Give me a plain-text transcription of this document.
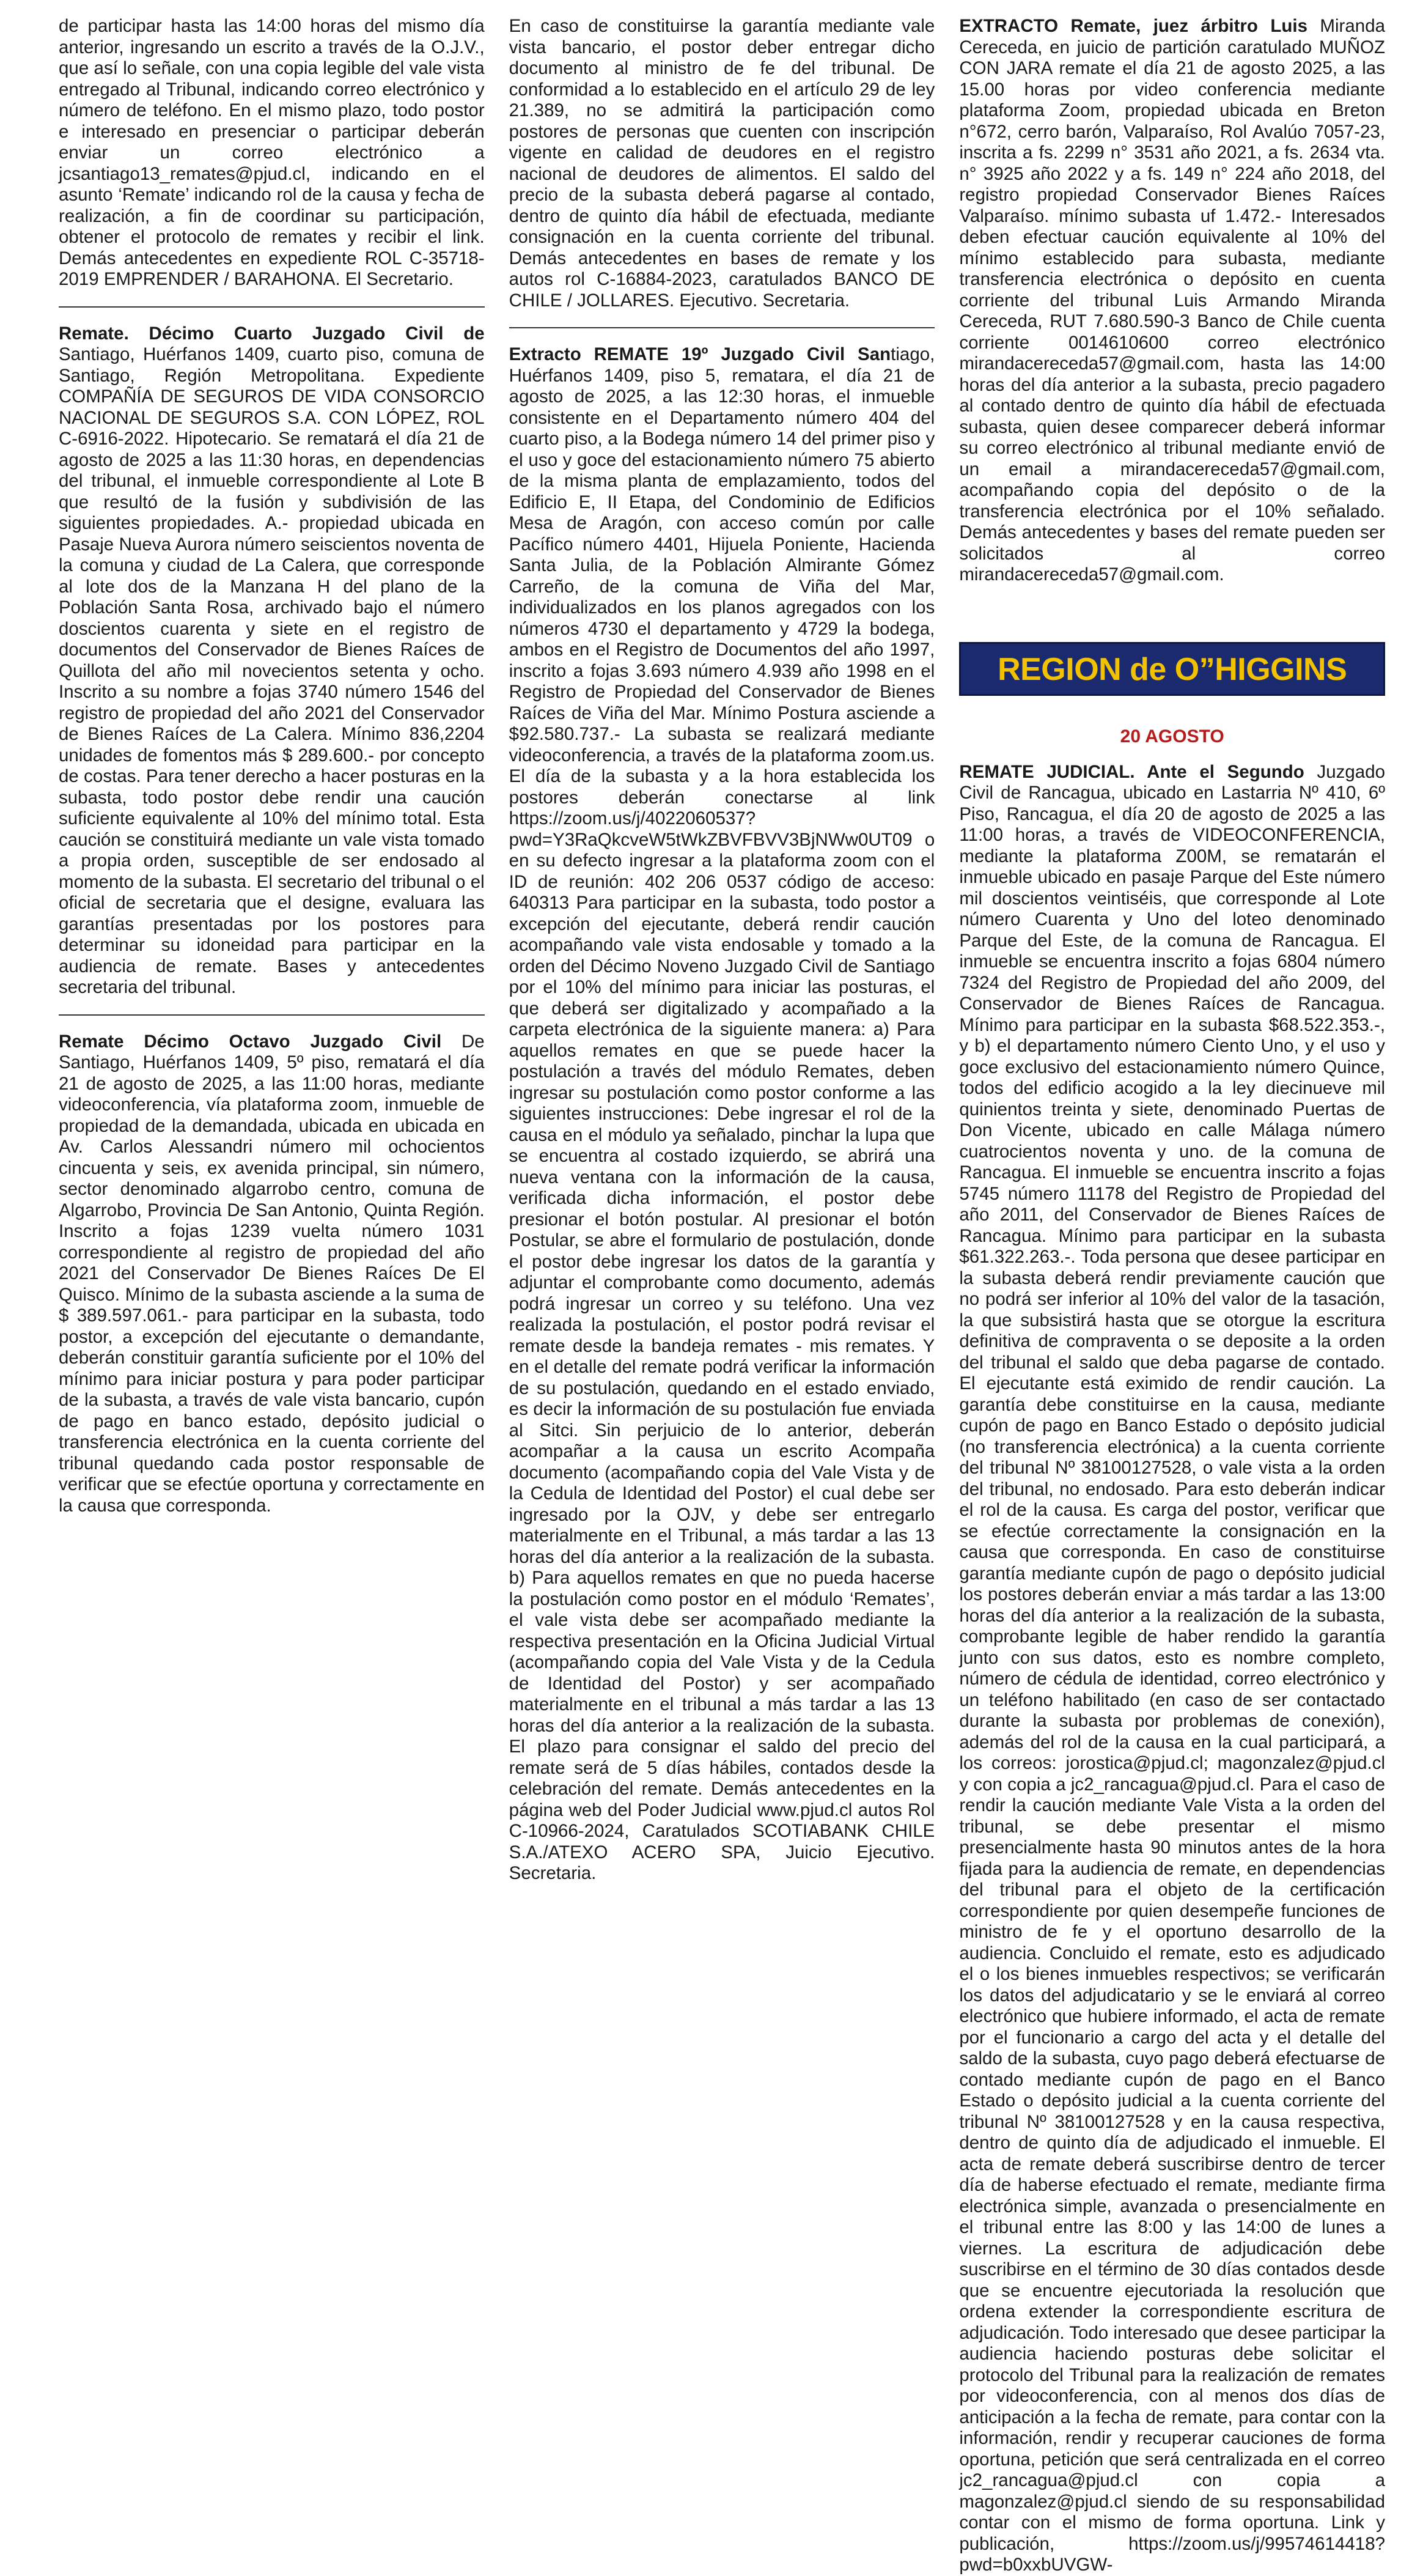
de participar hasta las 14:00 horas del mismo día anterior, ingresando un escrito a través de la O.J.V., que así lo señale, con una copia legible del vale vista entregado al Tribunal, indicando correo electrónico y número de teléfono. En el mismo plazo, todo postor e interesado en presenciar o participar deberán enviar un correo electrónico a jcsantiago13_remates@pjud.cl, indicando en el asunto ‘Remate’ indicando rol de la causa y fecha de realización, a fin de coordinar su participación, obtener el protocolo de remates y recibir el link. Demás antecedentes en expediente ROL C-35718-2019 EMPRENDER / BARAHONA. El Secretario.

Remate. Décimo Cuarto Juzgado Civil de Santiago, Huérfanos 1409, cuarto piso, comuna de Santiago, Región Metropolitana. Expediente COMPAÑÍA DE SEGUROS DE VIDA CONSORCIO NACIONAL DE SEGUROS S.A. CON LÓPEZ, ROL C-6916-2022. Hipotecario. Se rematará el día 21 de agosto de 2025 a las 11:30 horas, en dependencias del tribunal, el inmueble correspondiente al Lote B que resultó de la fusión y subdivisión de las siguientes propiedades. A.- propiedad ubicada en Pasaje Nueva Aurora número seiscientos noventa de la comuna y ciudad de La Calera, que corresponde al lote dos de la Manzana H del plano de la Población Santa Rosa, archivado bajo el número doscientos cuarenta y siete en el registro de documentos del Conservador de Bienes Raíces de Quillota del año mil novecientos setenta y ocho. Inscrito a su nombre a fojas 3740 número 1546 del registro de propiedad del año 2021 del Conservador de Bienes Raíces de La Calera. Mínimo 836,2204 unidades de fomentos más $ 289.600.- por concepto de costas. Para tener derecho a hacer posturas en la subasta, todo postor debe rendir una caución suficiente equivalente al 10% del mínimo total. Esta caución se constituirá mediante un vale vista tomado a propia orden, susceptible de ser endosado al momento de la subasta. El secretario del tribunal o el oficial de secretaria que el designe, evaluara las garantías presentadas por los postores para determinar su idoneidad para participar en la audiencia de remate. Bases y antecedentes secretaria del tribunal.

Remate Décimo Octavo Juzgado Civil De Santiago, Huérfanos 1409, 5º piso, rematará el día 21 de agosto de 2025, a las 11:00 horas, mediante videoconferencia, vía plataforma zoom, inmueble de propiedad de la demandada, ubicada en ubicada en Av. Carlos Alessandri número mil ochocientos cincuenta y seis, ex avenida principal, sin número, sector denominado algarrobo centro, comuna de Algarrobo, Provincia De San Antonio, Quinta Región. Inscrito a fojas 1239 vuelta número 1031 correspondiente al registro de propiedad del año 2021 del Conservador De Bienes Raíces De El Quisco. Mínimo de la subasta asciende a la suma de $ 389.597.061.- para participar en la subasta, todo postor, a excepción del ejecutante o demandante, deberán constituir garantía suficiente por el 10% del mínimo para iniciar postura y para poder participar de la subasta, a través de vale vista bancario, cupón de pago en banco estado, depósito judicial o transferencia electrónica en la cuenta corriente del tribunal quedando cada postor responsable de verificar que se efectúe oportuna y correctamente en la causa que corresponda.

En caso de constituirse la garantía mediante vale vista bancario, el postor deber entregar dicho documento al ministro de fe del tribunal. De conformidad a lo establecido en el artículo 29 de ley 21.389, no se admitirá la participación como postores de personas que cuenten con inscripción vigente en calidad de deudores en el registro nacional de deudores de alimentos. El saldo del precio de la subasta deberá pagarse al contado, dentro de quinto día hábil de efectuada, mediante consignación en la cuenta corriente del tribunal. Demás antecedentes en bases de remate y los autos rol C-16884-2023, caratulados BANCO DE CHILE / JOLLARES. Ejecutivo. Secretaria.

Extracto REMATE 19º Juzgado Civil Santiago, Huérfanos 1409, piso 5, rematara, el día 21 de agosto de 2025, a las 12:30 horas, el inmueble consistente en el Departamento número 404 del cuarto piso, a la Bodega número 14 del primer piso y el uso y goce del estacionamiento número 75 abierto de la misma planta de emplazamiento, todos del Edificio E, II Etapa, del Condominio de Edificios Mesa de Aragón, con acceso común por calle Pacífico número 4401, Hijuela Poniente, Hacienda Santa Julia, de la Población Almirante Gómez Carreño, de la comuna de Viña del Mar, individualizados en los planos agregados con los números 4730 el departamento y 4729 la bodega, ambos en el Registro de Documentos del año 1997, inscrito a fojas 3.693 número 4.939 año 1998 en el Registro de Propiedad del Conservador de Bienes Raíces de Viña del Mar. Mínimo Postura asciende a $92.580.737.- La subasta se realizará mediante videoconferencia, a través de la plataforma zoom.us. El día de la subasta y a la hora establecida los postores deberán conectarse al link https://zoom.us/j/4022060537?pwd=Y3RaQkcveW5tWkZBVFBVV3BjNWw0UT09 o en su defecto ingresar a la plataforma zoom con el ID de reunión: 402 206 0537 código de acceso: 640313 Para participar en la subasta, todo postor a excepción del ejecutante, deberá rendir caución acompañando vale vista endosable y tomado a la orden del Décimo Noveno Juzgado Civil de Santiago por el 10% del mínimo para iniciar las posturas, el que deberá ser digitalizado y acompañado a la carpeta electrónica de la siguiente manera: a) Para aquellos remates en que se puede hacer la postulación a través del módulo Remates, deben ingresar su postulación como postor conforme a las siguientes instrucciones: Debe ingresar el rol de la causa en el módulo ya señalado, pinchar la lupa que se encuentra al costado izquierdo, se abrirá una nueva ventana con la información de la causa, verificada dicha información, el postor debe presionar el botón postular. Al presionar el botón Postular, se abre el formulario de postulación, donde el postor debe ingresar los datos de la garantía y adjuntar el comprobante como documento, además podrá ingresar un correo y su teléfono. Una vez realizada la postulación, el postor podrá revisar el remate desde la bandeja remates - mis remates. Y en el detalle del remate podrá verificar la información de su postulación, quedando en el estado enviado, es decir la información de su postulación fue enviada al Sitci. Sin perjuicio de lo anterior, deberán acompañar a la causa un escrito Acompaña documento (acompañando copia del Vale Vista y de la Cedula de Identidad del Postor) el cual debe ser ingresado por la OJV, y debe ser entregarlo materialmente en el Tribunal, a más tardar a las 13 horas del día anterior a la realización de la subasta. b) Para aquellos remates en que no pueda hacerse la postulación como postor en el módulo ‘Remates’, el vale vista debe ser acompañado mediante la respectiva presentación en la Oficina Judicial Virtual (acompañando copia del Vale Vista y de la Cedula de Identidad del Postor) y ser acompañado materialmente en el tribunal a más tardar a las 13 horas del día anterior a la realización de la subasta. El plazo para consignar el saldo del precio del remate será de 5 días hábiles, contados desde la celebración del remate. Demás antecedentes en la página web del Poder Judicial www.pjud.cl autos Rol C-10966-2024, Caratulados SCOTIABANK CHILE S.A./ATEXO ACERO SPA, Juicio Ejecutivo. Secretaria.

EXTRACTO Remate, juez árbitro Luis Miranda Cereceda, en juicio de partición caratulado MUÑOZ CON JARA remate el día 21 de agosto 2025, a las 15.00 horas por video conferencia mediante plataforma Zoom, propiedad ubicada en Breton n°672, cerro barón, Valparaíso, Rol Avalúo 7057-23, inscrita a fs. 2299 n° 3531 año 2021, a fs. 2634 vta. n° 3925 año 2022 y a fs. 149 n° 224 año 2018, del registro propiedad Conservador Bienes Raíces Valparaíso. mínimo subasta uf 1.472.- Interesados deben efectuar caución equivalente al 10% del mínimo establecido para subasta, mediante transferencia electrónica o depósito en cuenta corriente del tribunal Luis Armando Miranda Cereceda, RUT 7.680.590-3 Banco de Chile cuenta corriente 0014610600 correo electrónico mirandacereceda57@gmail.com, hasta las 14:00 horas del día anterior a la subasta, precio pagadero al contado dentro de quinto día hábil de efectuada subasta, quien desee comparecer deberá informar su correo electrónico al tribunal mediante envió de un email a mirandacereceda57@gmail.com, acompañando copia del depósito o de la transferencia electrónica por el 10% señalado. Demás antecedentes y bases del remate pueden ser solicitados al correo mirandacereceda57@gmail.com.

REGION de O”HIGGINS
20 AGOSTO

REMATE JUDICIAL. Ante el Segundo Juzgado Civil de Rancagua, ubicado en Lastarria Nº 410, 6º Piso, Rancagua, el día 20 de agosto de 2025 a las 11:00 horas, a través de VIDEOCONFERENCIA, mediante la plataforma Z00M, se rematarán el inmueble ubicado en pasaje Parque del Este número mil doscientos veintiséis, que corresponde al Lote número Cuarenta y Uno del loteo denominado Parque del Este, de la comuna de Rancagua. El inmueble se encuentra inscrito a fojas 6804 número 7324 del Registro de Propiedad del año 2009, del Conservador de Bienes Raíces de Rancagua. Mínimo para participar en la subasta $68.522.353.-, y b) el departamento número Ciento Uno, y el uso y goce exclusivo del estacionamiento número Quince, todos del edificio acogido a la ley diecinueve mil quinientos treinta y siete, denominado Puertas de Don Vicente, ubicado en calle Málaga número cuatrocientos noventa y uno. de la comuna de Rancagua. El inmueble se encuentra inscrito a fojas 5745 número 11178 del Registro de Propiedad del año 2011, del Conservador de Bienes Raíces de Rancagua. Mínimo para participar en la subasta $61.322.263.-. Toda persona que desee participar en la subasta deberá rendir previamente caución que no podrá ser inferior al 10% del valor de la tasación, la que subsistirá hasta que se otorgue la escritura definitiva de compraventa o se deposite a la orden del tribunal el saldo que deba pagarse de contado. El ejecutante está eximido de rendir caución. La garantía debe constituirse en la causa, mediante cupón de pago en Banco Estado o depósito judicial (no transferencia electrónica) a la cuenta corriente del tribunal Nº 38100127528, o vale vista a la orden del tribunal, no endosado. Para esto deberán indicar el rol de la causa. Es carga del postor, verificar que se efectúe correctamente la consignación en la causa que corresponda. En caso de constituirse garantía mediante cupón de pago o depósito judicial los postores deberán enviar a más tardar a las 13:00 horas del día anterior a la realización de la subasta, comprobante legible de haber rendido la garantía junto con sus datos, esto es nombre completo, número de cédula de identidad, correo electrónico y un teléfono habilitado (en caso de ser contactado durante la subasta por problemas de conexión), además del rol de la causa en la cual participará, a los correos: jorostica@pjud.cl; magonzalez@pjud.cl y con copia a jc2_rancagua@pjud.cl. Para el caso de rendir la caución mediante Vale Vista a la orden del tribunal, se debe presentar el mismo presencialmente hasta 90 minutos antes de la hora fijada para la audiencia de remate, en dependencias del tribunal para el objeto de la certificación correspondiente por quien desempeñe funciones de ministro de fe y el oportuno desarrollo de la audiencia. Concluido el remate, esto es adjudicado el o los bienes inmuebles respectivos; se verificarán los datos del adjudicatario y se le enviará al correo electrónico que hubiere informado, el acta de remate por el funcionario a cargo del acta y el detalle del saldo de la subasta, cuyo pago deberá efectuarse de contado mediante cupón de pago en el Banco Estado o depósito judicial a la cuenta corriente del tribunal Nº 38100127528 y en la causa respectiva, dentro de quinto día de adjudicado el inmueble. El acta de remate deberá suscribirse dentro de tercer día de haberse efectuado el remate, mediante firma electrónica simple, avanzada o presencialmente en el tribunal entre las 8:00 y las 14:00 de lunes a viernes. La escritura de adjudicación debe suscribirse en el término de 30 días contados desde que se encuentre ejecutoriada la resolución que ordena extender la correspondiente escritura de adjudicación. Todo interesado que desee participar la audiencia haciendo posturas debe solicitar el protocolo del Tribunal para la realización de remates por videoconferencia, con al menos dos días de anticipación a la fecha de remate, para contar con la información, rendir y recuperar cauciones de forma oportuna, petición que será centralizada en el correo jc2_rancagua@pjud.cl con copia a magonzalez@pjud.cl siendo de su responsabilidad contar con el mismo de forma oportuna. Link y publicación, https://zoom.us/j/99574614418?pwd=b0xxbUVGW-
